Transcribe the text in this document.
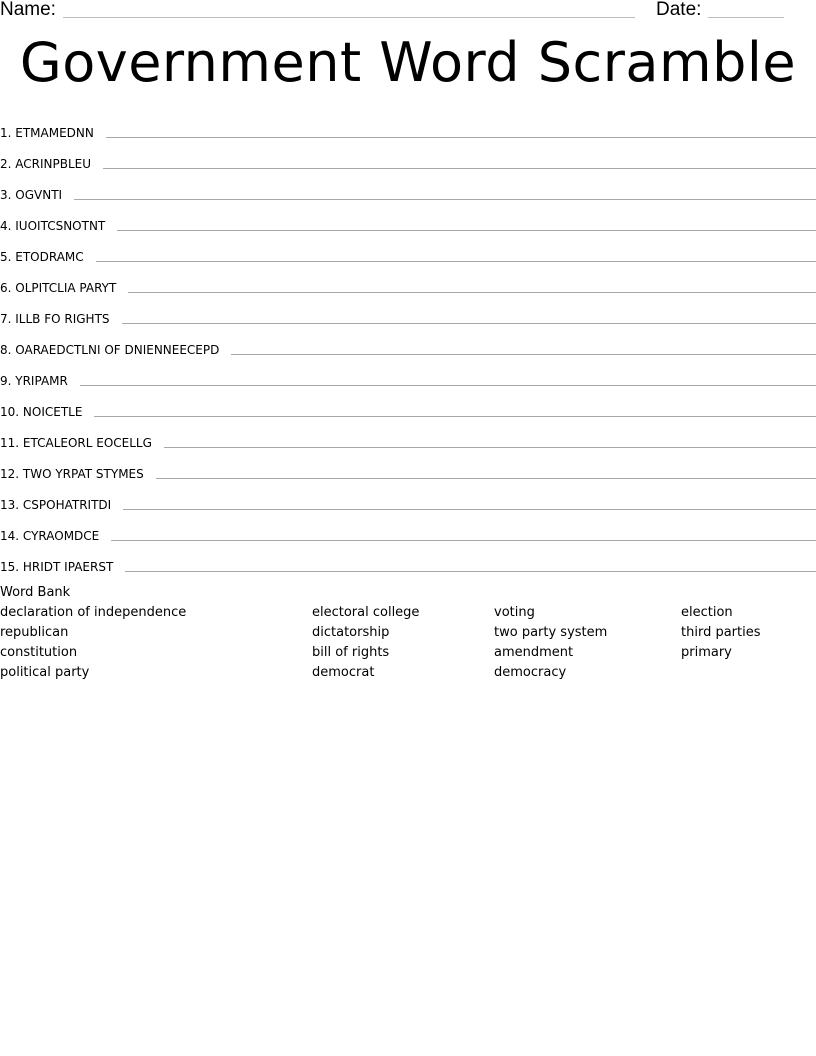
Name:	Date:
Government Word Scramble
1. ETMAMEDNN
2. ACRINPBLEU
3. OGVNTI
4. IUOITCSNOTNT
5. ETODRAMC
6. OLPITCLIA PARYT
7. ILLB FO RIGHTS
8. OARAEDCTLNI OF DNIENNEECEPD
9. YRIPAMR
10. NOICETLE
11. ETCALEORL EOCELLG
12. TWO YRPAT STYMES
13. CSPOHATRITDI
14. CYRAOMDCE
15. HRIDT IPAERST
Word Bank
declaration of independence
republican
constitution
political party
electoral college
dictatorship
bill of rights
democrat
voting
two party system
amendment
democracy
election
third parties
primary
